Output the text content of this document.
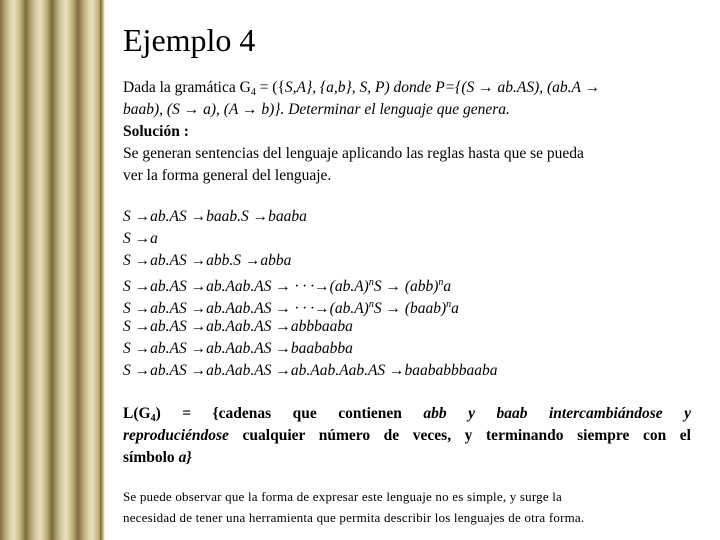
Ejemplo 4
Dada la gramática $G_4 = (\{S,A\}$, {a,b}, S, P) donde P={(S → ab.AS), (ab.A →
baab), (S → a), (A → b)}. Determinar el lenguaje que genera.
Solución :
Se generan sentencias del lenguaje aplicando las reglas hasta que se pueda
ver la forma general del lenguaje.
S →ab.AS →baab.S →baaba
S →a
S →ab.AS →abb.S →abba
S →ab.AS →ab.Aab.AS → · · $\cdot\to(ab.A)^nS \to (abb)^na$
S →ab.AS →ab.Aab.AS → · · $\cdot\to(ab.A)^nS$ → (baab)$^n$a
S →ab.AS →ab.Aab.AS →abbbaaba
S →ab.AS →ab.Aab.AS →baababba
S →ab.AS →ab.Aab.AS →ab.Aab.Aab.AS →baababbbaaba
$L(G_4)$ = {cadenas que contienen abb y baab intercambiándose y
reproduciéndose cualquier número de veces, y terminando siempre con el
símbolo a}
Se puede observar que la forma de expresar este lenguaje no es simple, y surge la
necesidad de tener una herramienta que permita describir los lenguajes de otra forma.
